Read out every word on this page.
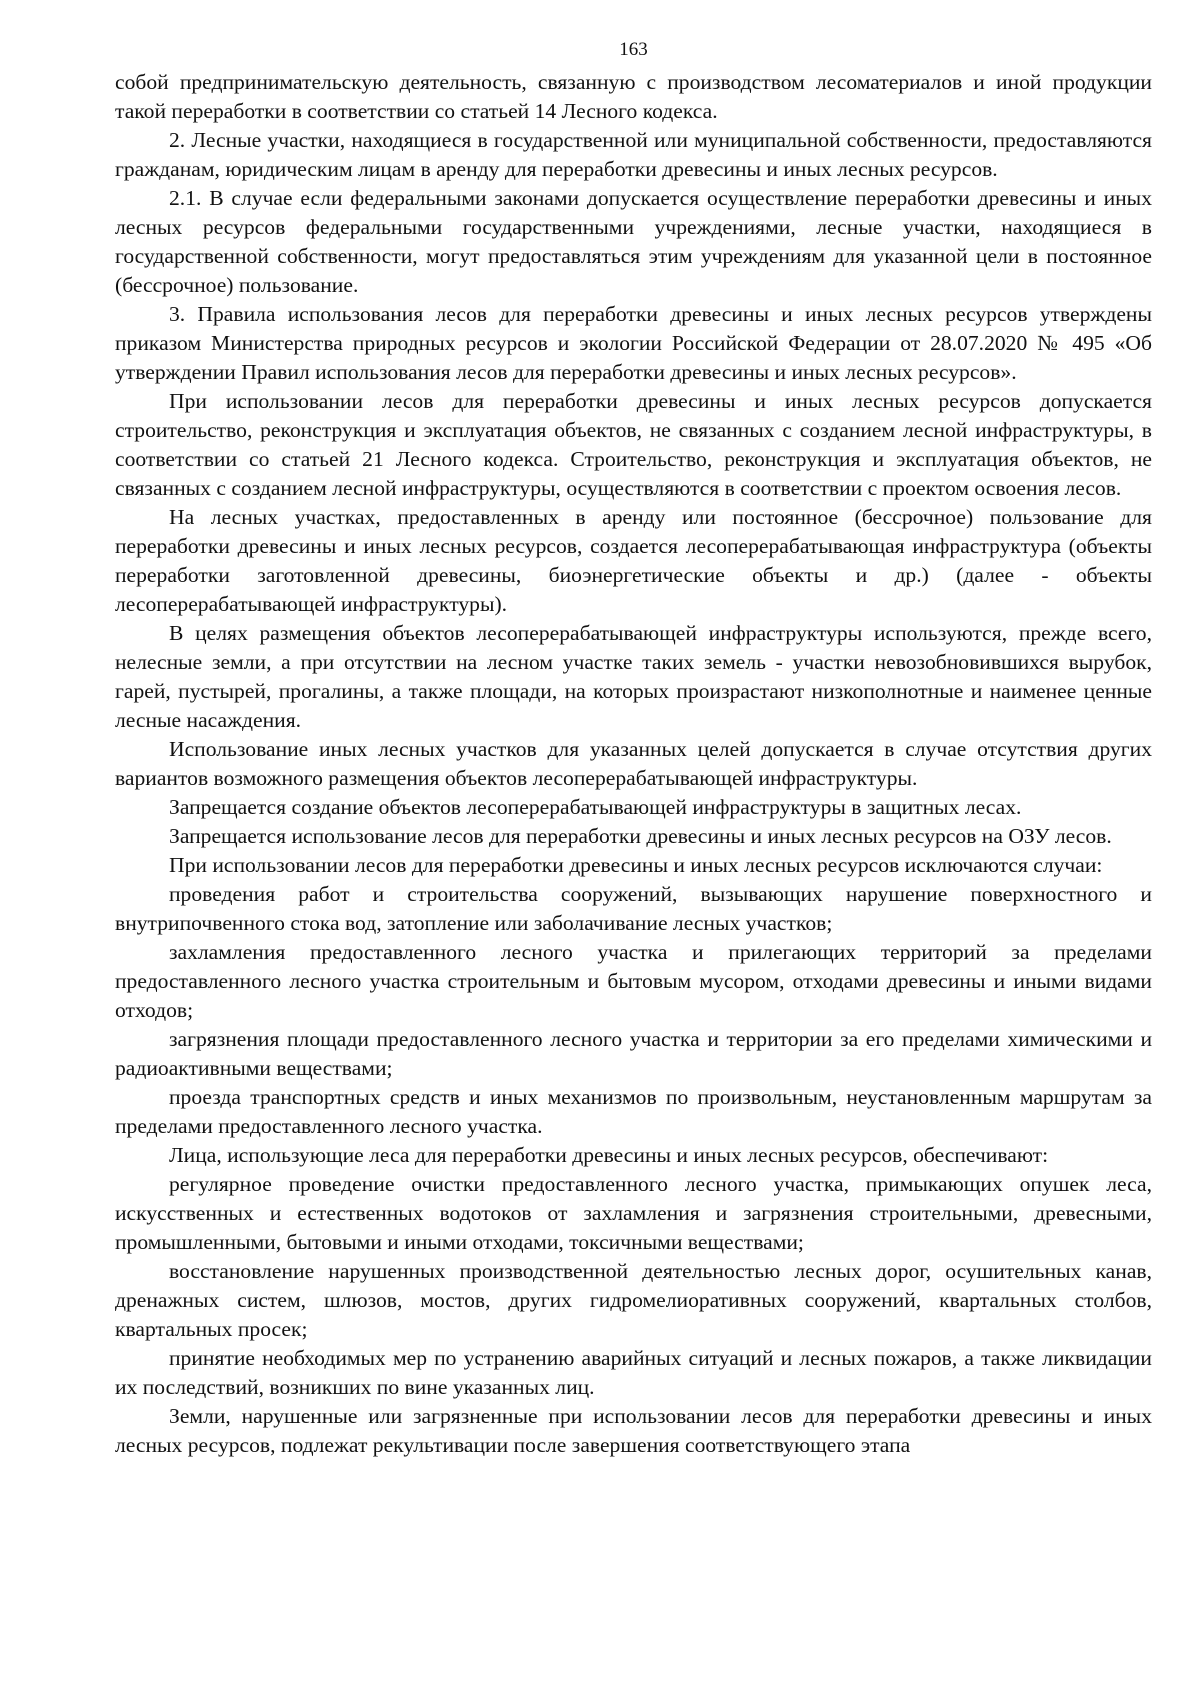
163

собой предпринимательскую деятельность, связанную с производством лесоматериалов и иной продукции такой переработки в соответствии со статьей 14 Лесного кодекса.

2. Лесные участки, находящиеся в государственной или муниципальной собственности, предоставляются гражданам, юридическим лицам в аренду для переработки древесины и иных лесных ресурсов.

2.1. В случае если федеральными законами допускается осуществление переработки древесины и иных лесных ресурсов федеральными государственными учреждениями, лесные участки, находящиеся в государственной собственности, могут предоставляться этим учреждениям для указанной цели в постоянное (бессрочное) пользование.

3. Правила использования лесов для переработки древесины и иных лесных ресурсов утверждены приказом Министерства природных ресурсов и экологии Российской Федерации от 28.07.2020 № 495 «Об утверждении Правил использования лесов для переработки древесины и иных лесных ресурсов».

При использовании лесов для переработки древесины и иных лесных ресурсов допускается строительство, реконструкция и эксплуатация объектов, не связанных с созданием лесной инфраструктуры, в соответствии со статьей 21 Лесного кодекса. Строительство, реконструкция и эксплуатация объектов, не связанных с созданием лесной инфраструктуры, осуществляются в соответствии с проектом освоения лесов.

На лесных участках, предоставленных в аренду или постоянное (бессрочное) пользование для переработки древесины и иных лесных ресурсов, создается лесоперерабатывающая инфраструктура (объекты переработки заготовленной древесины, биоэнергетические объекты и др.) (далее - объекты лесоперерабатывающей инфраструктуры).

В целях размещения объектов лесоперерабатывающей инфраструктуры используются, прежде всего, нелесные земли, а при отсутствии на лесном участке таких земель - участки невозобновившихся вырубок, гарей, пустырей, прогалины, а также площади, на которых произрастают низкополнотные и наименее ценные лесные насаждения.

Использование иных лесных участков для указанных целей допускается в случае отсутствия других вариантов возможного размещения объектов лесоперерабатывающей инфраструктуры.

Запрещается создание объектов лесоперерабатывающей инфраструктуры в защитных лесах.

Запрещается использование лесов для переработки древесины и иных лесных ресурсов на ОЗУ лесов.

При использовании лесов для переработки древесины и иных лесных ресурсов исключаются случаи:

проведения работ и строительства сооружений, вызывающих нарушение поверхностного и внутрипочвенного стока вод, затопление или заболачивание лесных участков;

захламления предоставленного лесного участка и прилегающих территорий за пределами предоставленного лесного участка строительным и бытовым мусором, отходами древесины и иными видами отходов;

загрязнения площади предоставленного лесного участка и территории за его пределами химическими и радиоактивными веществами;

проезда транспортных средств и иных механизмов по произвольным, неустановленным маршрутам за пределами предоставленного лесного участка.

Лица, использующие леса для переработки древесины и иных лесных ресурсов, обеспечивают:

регулярное проведение очистки предоставленного лесного участка, примыкающих опушек леса, искусственных и естественных водотоков от захламления и загрязнения строительными, древесными, промышленными, бытовыми и иными отходами, токсичными веществами;

восстановление нарушенных производственной деятельностью лесных дорог, осушительных канав, дренажных систем, шлюзов, мостов, других гидромелиоративных сооружений, квартальных столбов, квартальных просек;

принятие необходимых мер по устранению аварийных ситуаций и лесных пожаров, а также ликвидации их последствий, возникших по вине указанных лиц.

Земли, нарушенные или загрязненные при использовании лесов для переработки древесины и иных лесных ресурсов, подлежат рекультивации после завершения соответствующего этапа
